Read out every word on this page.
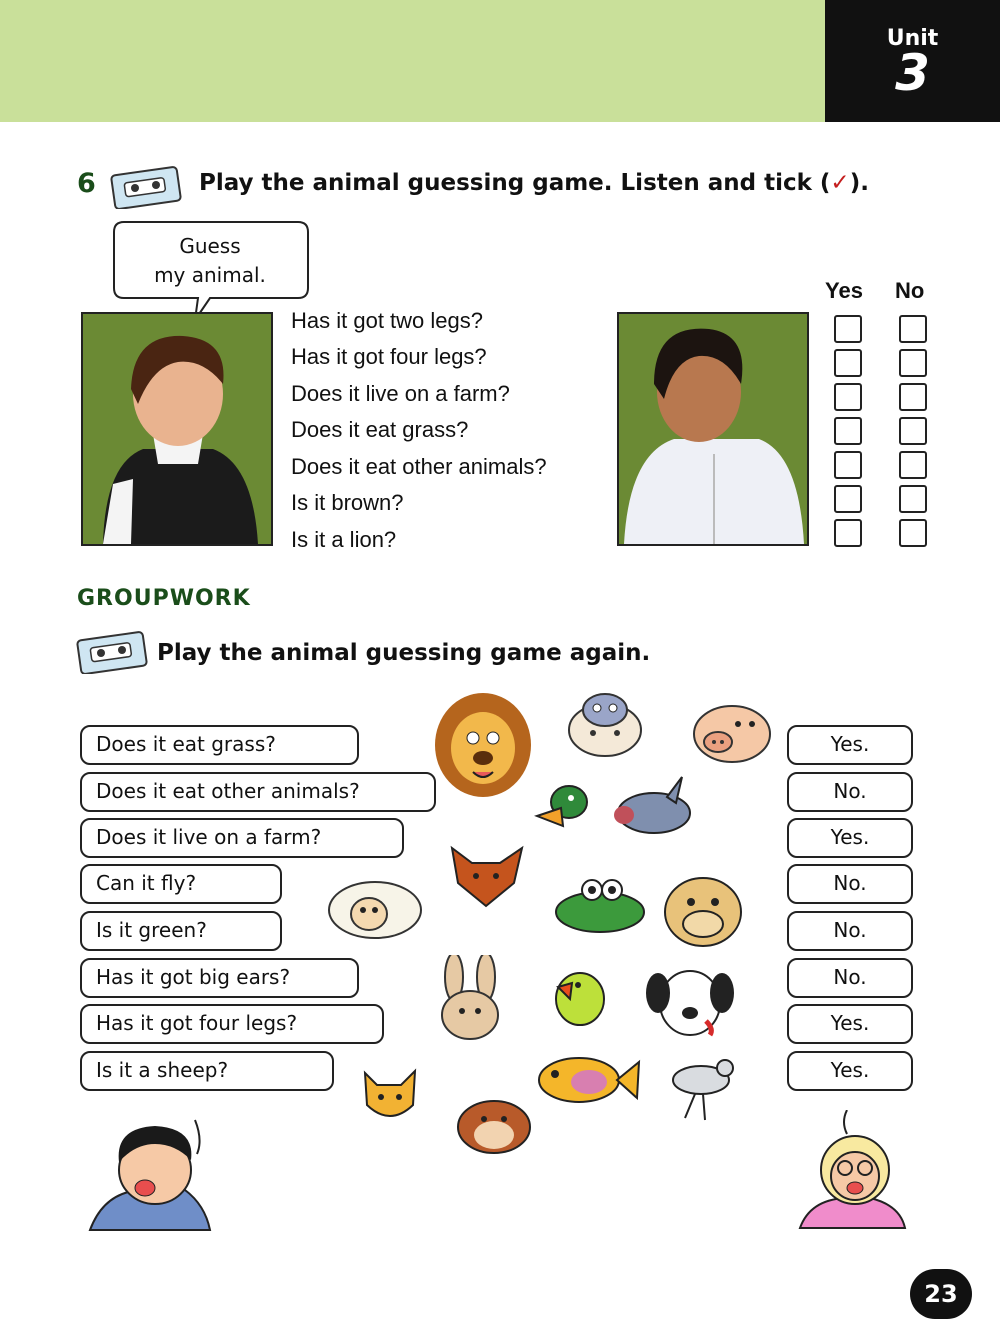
Unit
3
6	Play the animal guessing game. Listen and tick (✓).
Guess
my animal.
Has it got two legs?
Has it got four legs?
Does it live on a farm?
Does it eat grass?
Does it eat other animals?
Is it brown?
Is it a lion?
Yes No
GROUPWORK
Play the animal guessing game again.
Does it eat grass?
Does it eat other animals?
Does it live on a farm?
Can it fly?
Is it green?
Has it got big ears?
Has it got four legs?
Is it a sheep?
Yes.
No.
Yes.
No.
No.
No.
Yes.
Yes.
23
